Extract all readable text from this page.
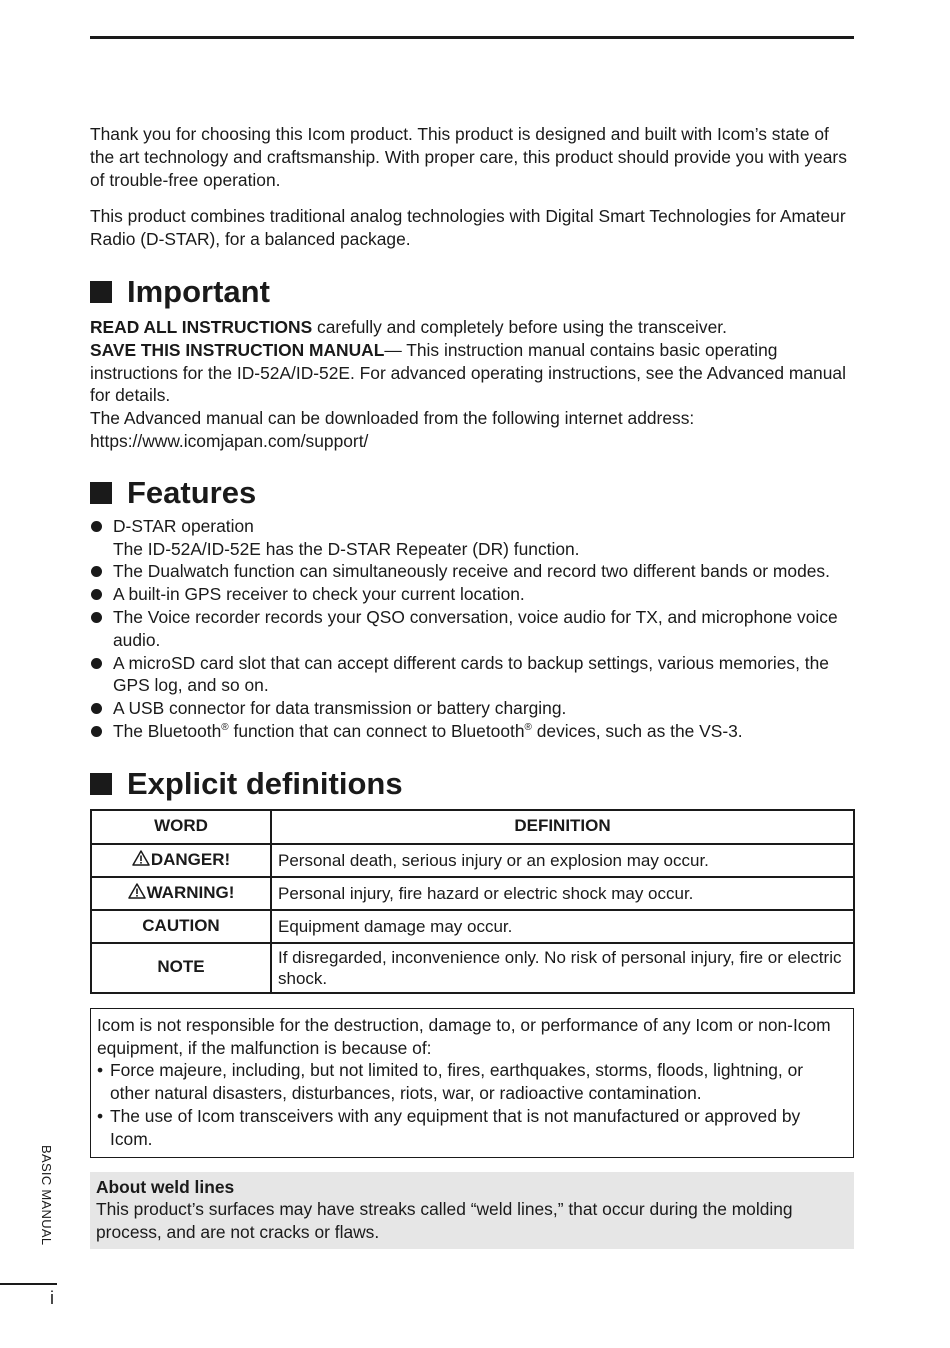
Thank you for choosing this Icom product. This product is designed and built with Icom’s state of the art technology and craftsmanship. With proper care, this product should provide you with years of trouble-free operation.

This product combines traditional analog technologies with Digital Smart Technologies for Amateur Radio (D-STAR), for a balanced package.

Important

READ ALL INSTRUCTIONS carefully and completely before using the transceiver.

SAVE THIS INSTRUCTION MANUAL— This instruction manual contains basic operating instructions for the ID-52A/ID-52E. For advanced operating instructions, see the Advanced manual for details.

The Advanced manual can be downloaded from the following internet address:

https://www.icomjapan.com/support/

Features
D-STAR operation
The ID-52A/ID-52E has the D-STAR Repeater (DR) function.
The Dualwatch function can simultaneously receive and record two different bands or modes.
A built-in GPS receiver to check your current location.
The Voice recorder records your QSO conversation, voice audio for TX, and microphone voice audio.
A microSD card slot that can accept different cards to backup settings, various memories, the GPS log, and so on.
A USB connector for data transmission or battery charging.
The Bluetooth® function that can connect to Bluetooth® devices, such as the VS-3.
Explicit definitions
WORD	DEFINITION
DANGER!	Personal death, serious injury or an explosion may occur.
WARNING!	Personal injury, fire hazard or electric shock may occur.
CAUTION	Equipment damage may occur.
NOTE	If disregarded, inconvenience only. No risk of personal injury, fire or electric shock.

Icom is not responsible for the destruction, damage to, or performance of any Icom or non-Icom equipment, if the malfunction is because of:

• Force majeure, including, but not limited to, fires, earthquakes, storms, floods, lightning, or other natural disasters, disturbances, riots, war, or radioactive contamination.
• The use of Icom transceivers with any equipment that is not manufactured or approved by Icom.
About weld lines
This product’s surfaces may have streaks called “weld lines,” that occur during the molding process, and are not cracks or flaws.
BASIC MANUAL
i
